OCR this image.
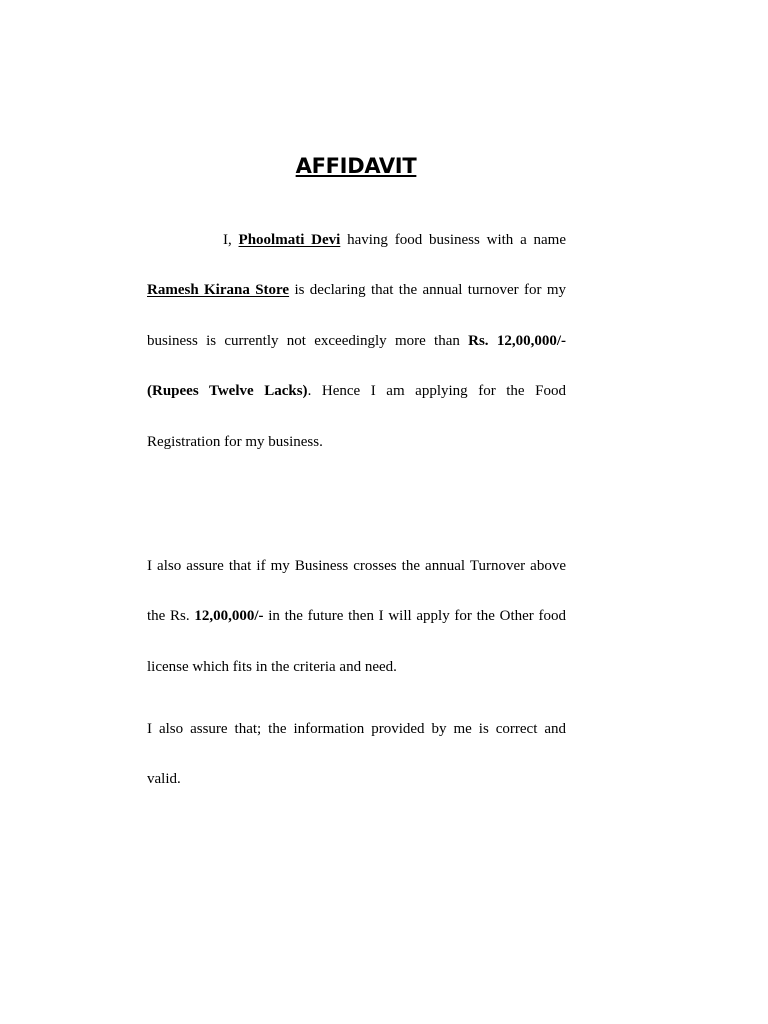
AFFIDAVIT

I, Phoolmati Devi having food business with a name Ramesh Kirana Store is declaring that the annual turnover for my business is currently not exceedingly more than Rs. 12,00,000/- (Rupees Twelve Lacks). Hence I am applying for the Food Registration for my business.

I also assure that if my Business crosses the annual Turnover above the Rs. 12,00,000/- in the future then I will apply for the Other food license which fits in the criteria and need.

I also assure that; the information provided by me is correct and valid.
